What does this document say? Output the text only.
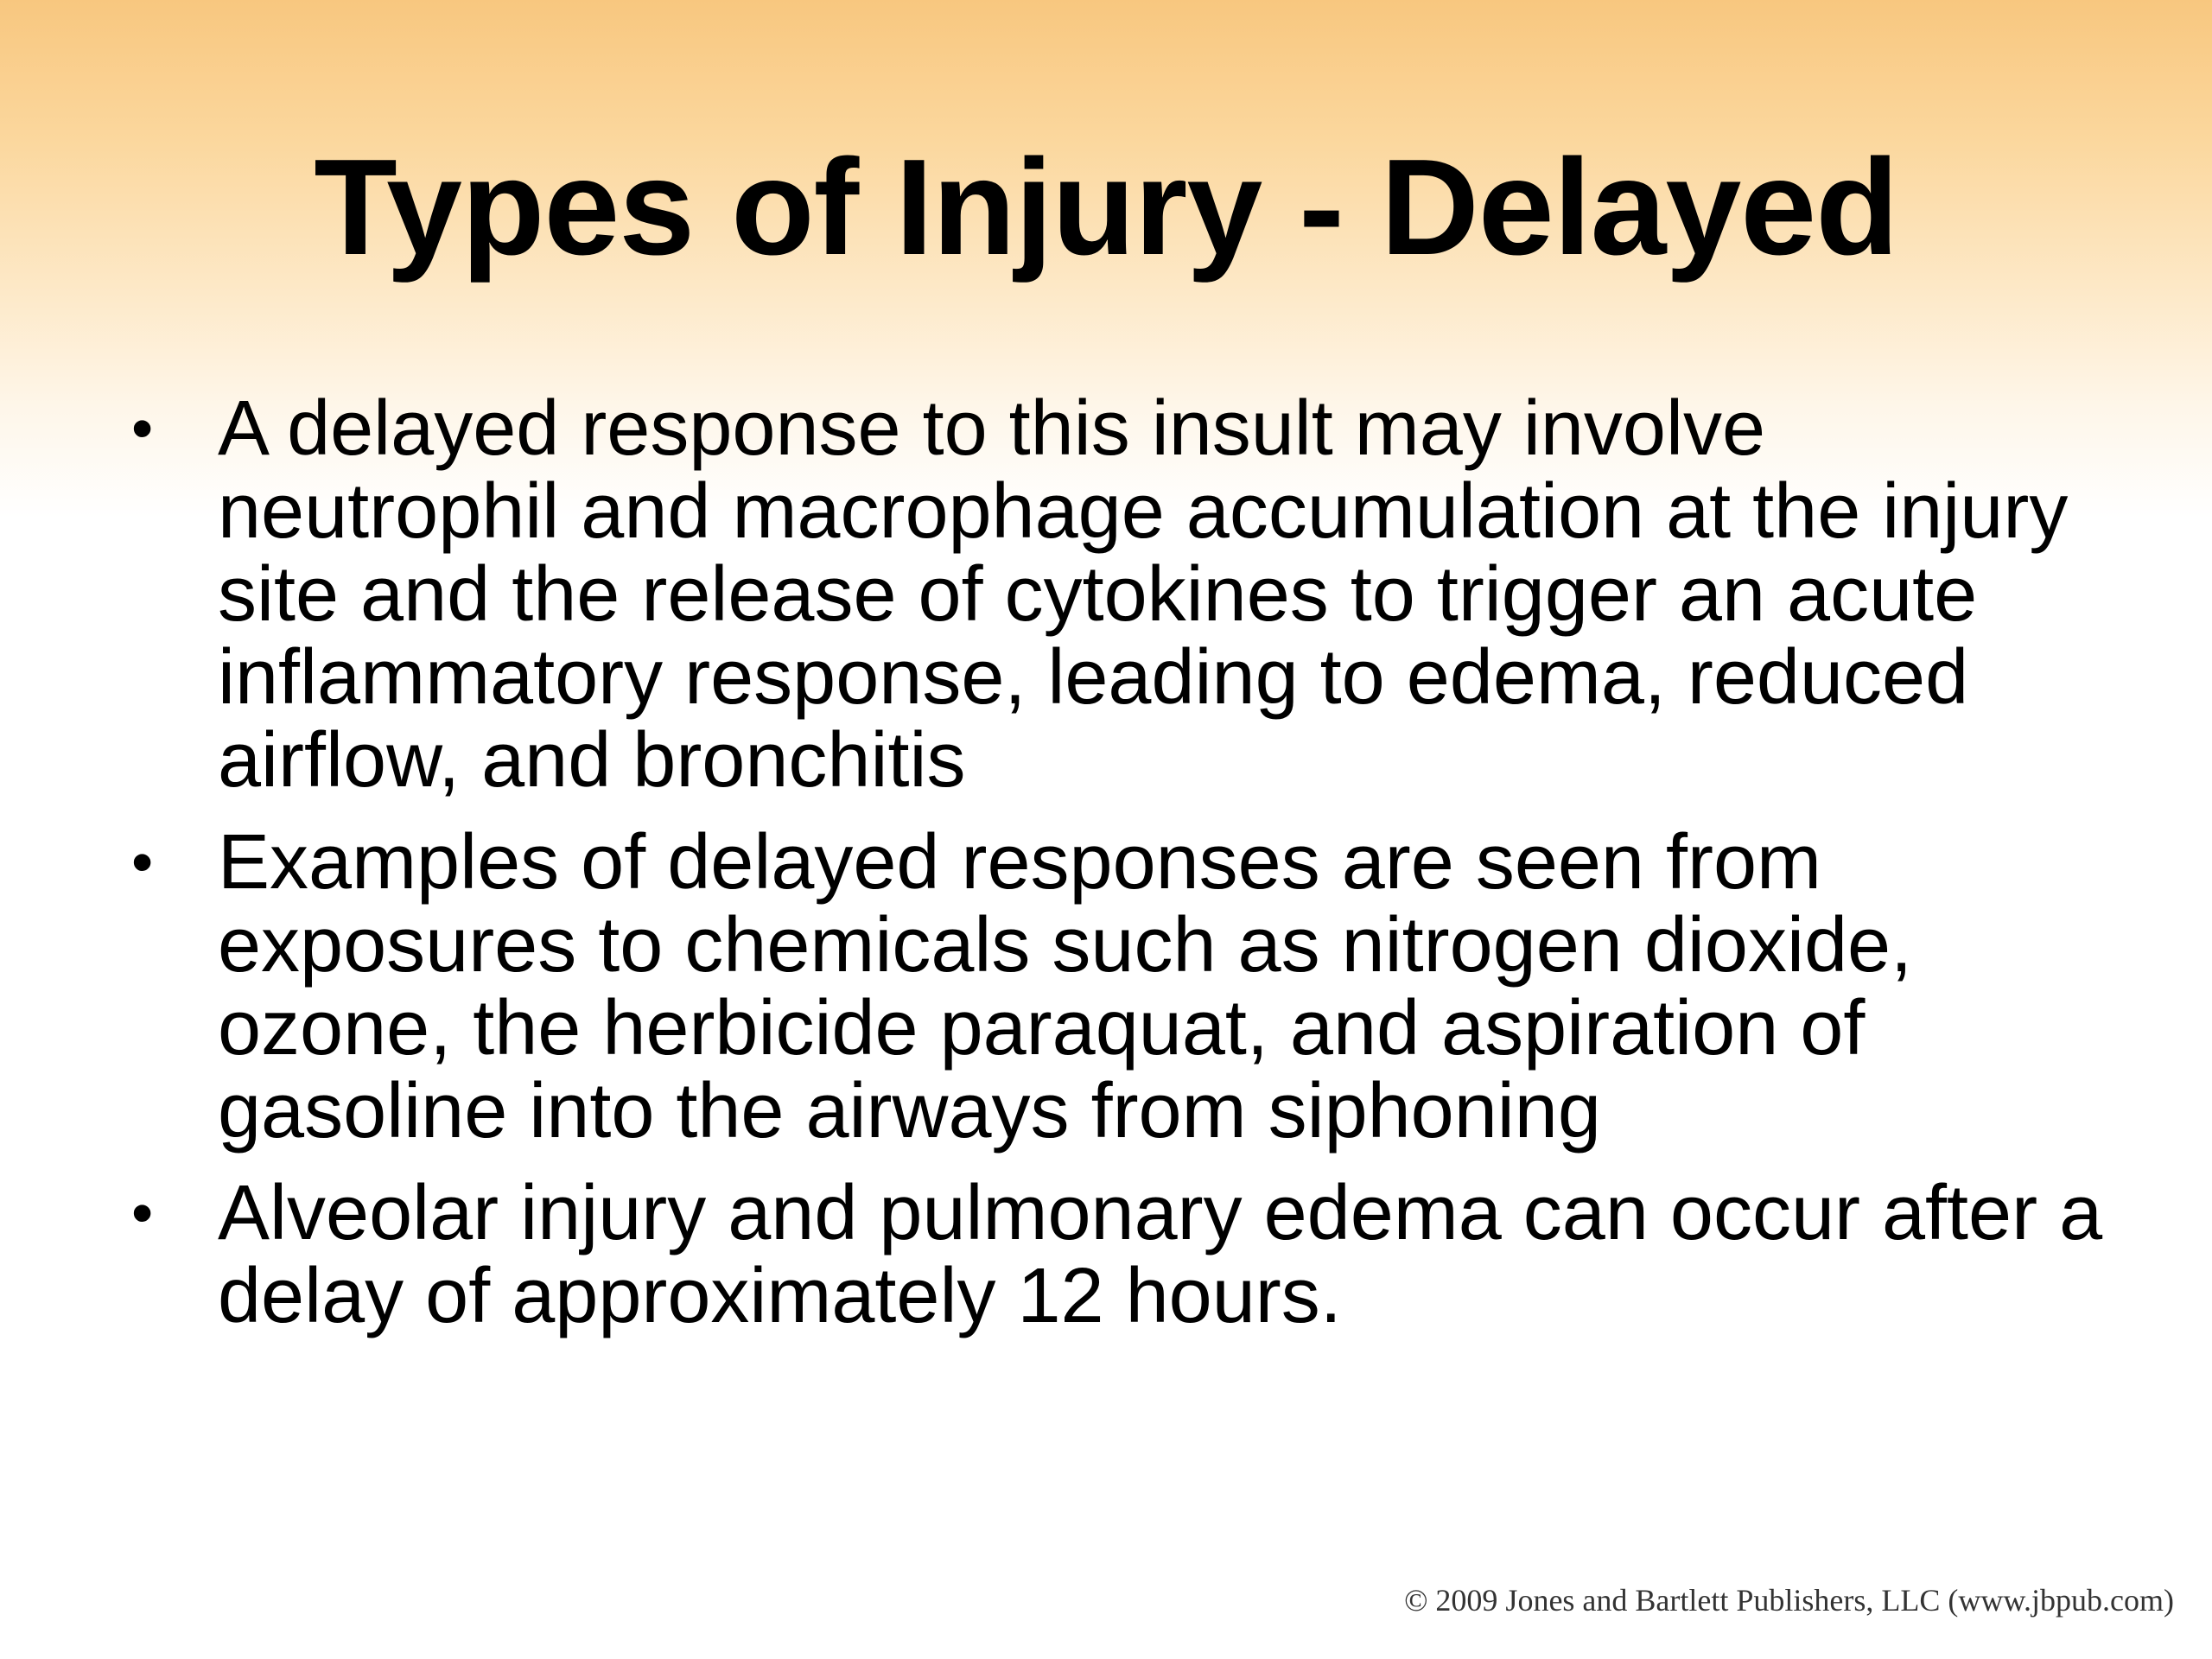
Types of Injury - Delayed
• A delayed response to this insult may involve neutrophil and macrophage accumulation at the injury site and the release of cytokines to trigger an acute inflammatory response, leading to edema, reduced airflow, and bronchitis
• Examples of delayed responses are seen from exposures to chemicals such as nitrogen dioxide, ozone, the herbicide paraquat, and aspiration of gasoline into the airways from siphoning
• Alveolar injury and pulmonary edema can occur after a delay of approximately 12 hours.
© 2009 Jones and Bartlett Publishers, LLC (www.jbpub.com)
